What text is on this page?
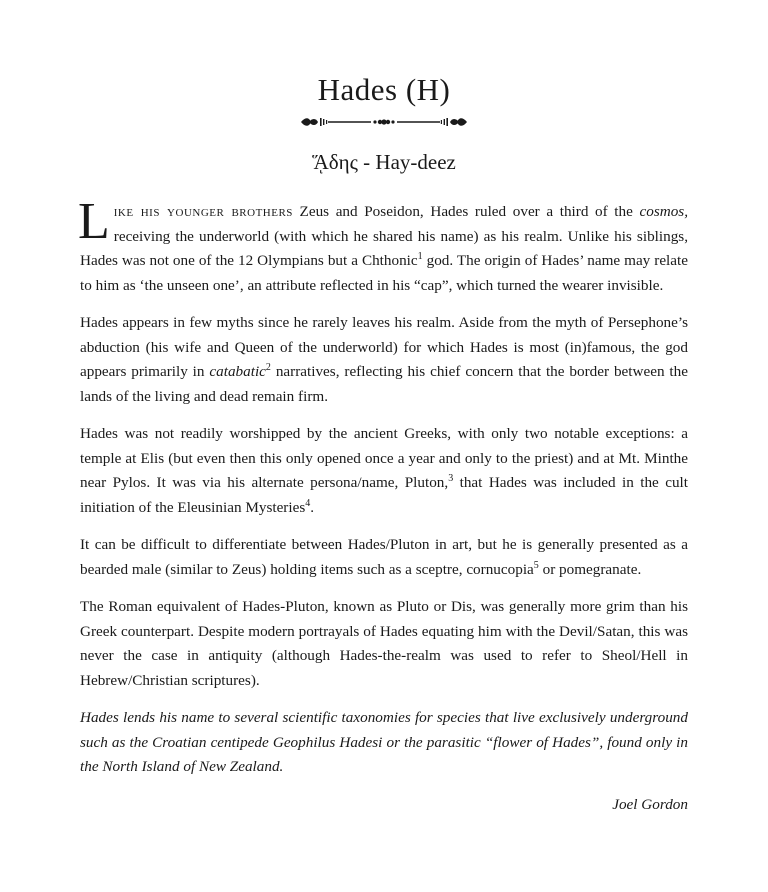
Hades (H)
ᾍδης - Hay-deez

Like his younger brothers Zeus and Poseidon, Hades ruled over a third of the cosmos, receiving the underworld (with which he shared his name) as his realm. Unlike his siblings, Hades was not one of the 12 Olympians but a Chthonic$^1$ god. The origin of Hades’ name may relate to him as ‘the unseen one’, an attribute reflected in his “cap”, which turned the wearer invisible.

Hades appears in few myths since he rarely leaves his realm. Aside from the myth of Persephone’s abduction (his wife and Queen of the underworld) for which Hades is most (in)famous, the god appears primarily in catabatic$^2$ narratives, reflecting his chief concern that the border between the lands of the living and dead remain firm.

Hades was not readily worshipped by the ancient Greeks, with only two notable exceptions: a temple at Elis (but even then this only opened once a year and only to the priest) and at Mt. Minthe near Pylos. It was via his alternate persona/name, Pluton,$^3$ that Hades was included in the cult initiation of the Eleusinian Mysteries$^4$.

It can be difficult to differentiate between Hades/Pluton in art, but he is generally presented as a bearded male (similar to Zeus) holding items such as a sceptre, cornucopia$^5$ or pomegranate.

The Roman equivalent of Hades-Pluton, known as Pluto or Dis, was generally more grim than his Greek counterpart. Despite modern portrayals of Hades equating him with the Devil/Satan, this was never the case in antiquity (although Hades-the-realm was used to refer to Sheol/Hell in Hebrew/Christian scriptures).

Hades lends his name to several scientific taxonomies for species that live exclusively underground such as the Croatian centipede Geophilus Hadesi or the parasitic “flower of Hades”, found only in the North Island of New Zealand.

Joel Gordon
